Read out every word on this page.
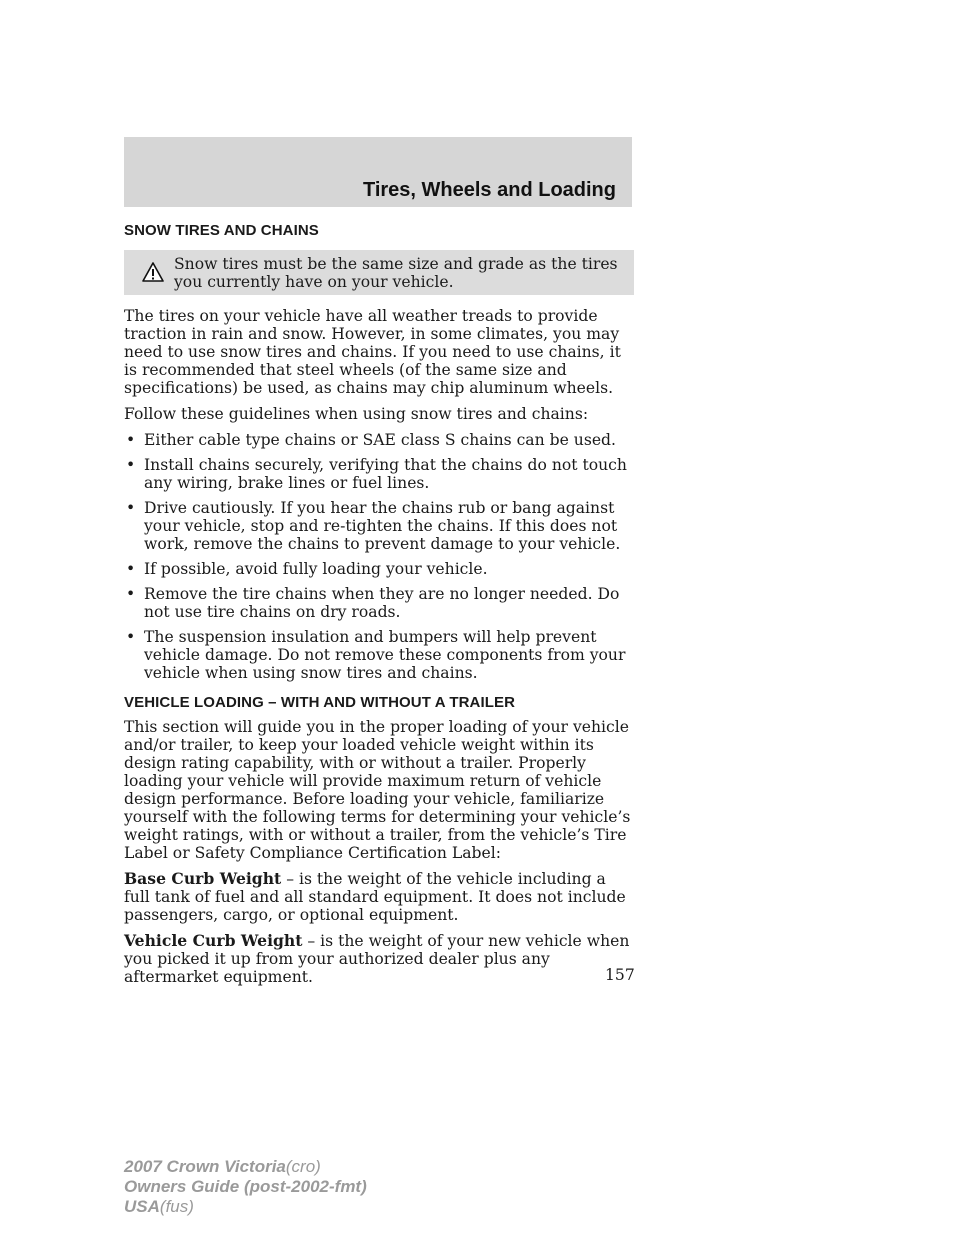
Tires, Wheels and Loading
SNOW TIRES AND CHAINS
Snow tires must be the same size and grade as the tires you currently have on your vehicle.

The tires on your vehicle have all weather treads to provide traction in rain and snow. However, in some climates, you may need to use snow tires and chains. If you need to use chains, it is recommended that steel wheels (of the same size and specifications) be used, as chains may chip aluminum wheels.

Follow these guidelines when using snow tires and chains:

• Either cable type chains or SAE class S chains can be used.
• Install chains securely, verifying that the chains do not touch any wiring, brake lines or fuel lines.
• Drive cautiously. If you hear the chains rub or bang against your vehicle, stop and re-tighten the chains. If this does not work, remove the chains to prevent damage to your vehicle.
• If possible, avoid fully loading your vehicle.
• Remove the tire chains when they are no longer needed. Do not use tire chains on dry roads.
• The suspension insulation and bumpers will help prevent vehicle damage. Do not remove these components from your vehicle when using snow tires and chains.
VEHICLE LOADING – WITH AND WITHOUT A TRAILER

This section will guide you in the proper loading of your vehicle and/or trailer, to keep your loaded vehicle weight within its design rating capability, with or without a trailer. Properly loading your vehicle will provide maximum return of vehicle design performance. Before loading your vehicle, familiarize yourself with the following terms for determining your vehicle’s weight ratings, with or without a trailer, from the vehicle’s Tire Label or Safety Compliance Certification Label:

Base Curb Weight – is the weight of the vehicle including a full tank of fuel and all standard equipment. It does not include passengers, cargo, or optional equipment.

Vehicle Curb Weight – is the weight of your new vehicle when you picked it up from your authorized dealer plus any aftermarket equipment.	157
2007 Crown Victoria(cro)
Owners Guide (post-2002-fmt)
USA(fus)
